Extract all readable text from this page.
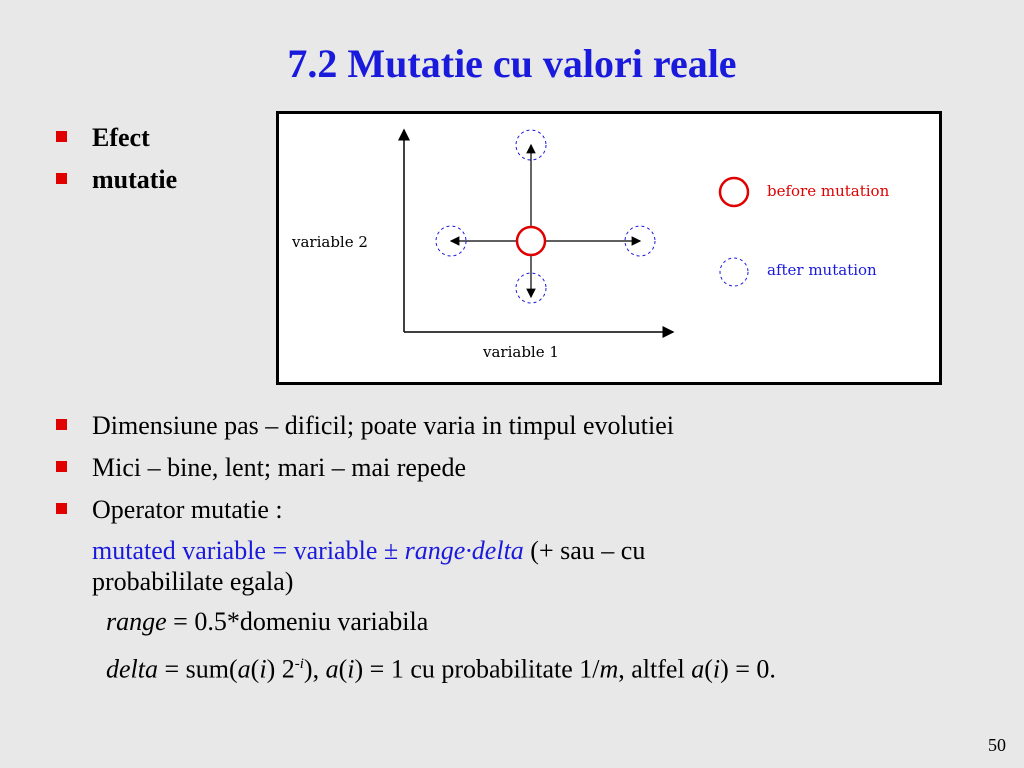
7.2 Mutatie cu valori reale
Efect
mutatie
variable 2
variable 1
before mutation
after mutation
Dimensiune pas – dificil; poate varia in timpul evolutiei
Mici – bine, lent; mari – mai repede
Operator mutatie :
mutated variable = variable ± range·delta (+ sau – cu
probabililate egala)
range = 0.5*domeniu variabila
delta = sum(a(i) $2^{-i}$), a(i) = 1 cu probabilitate 1/m, altfel a(i) = 0.
50
